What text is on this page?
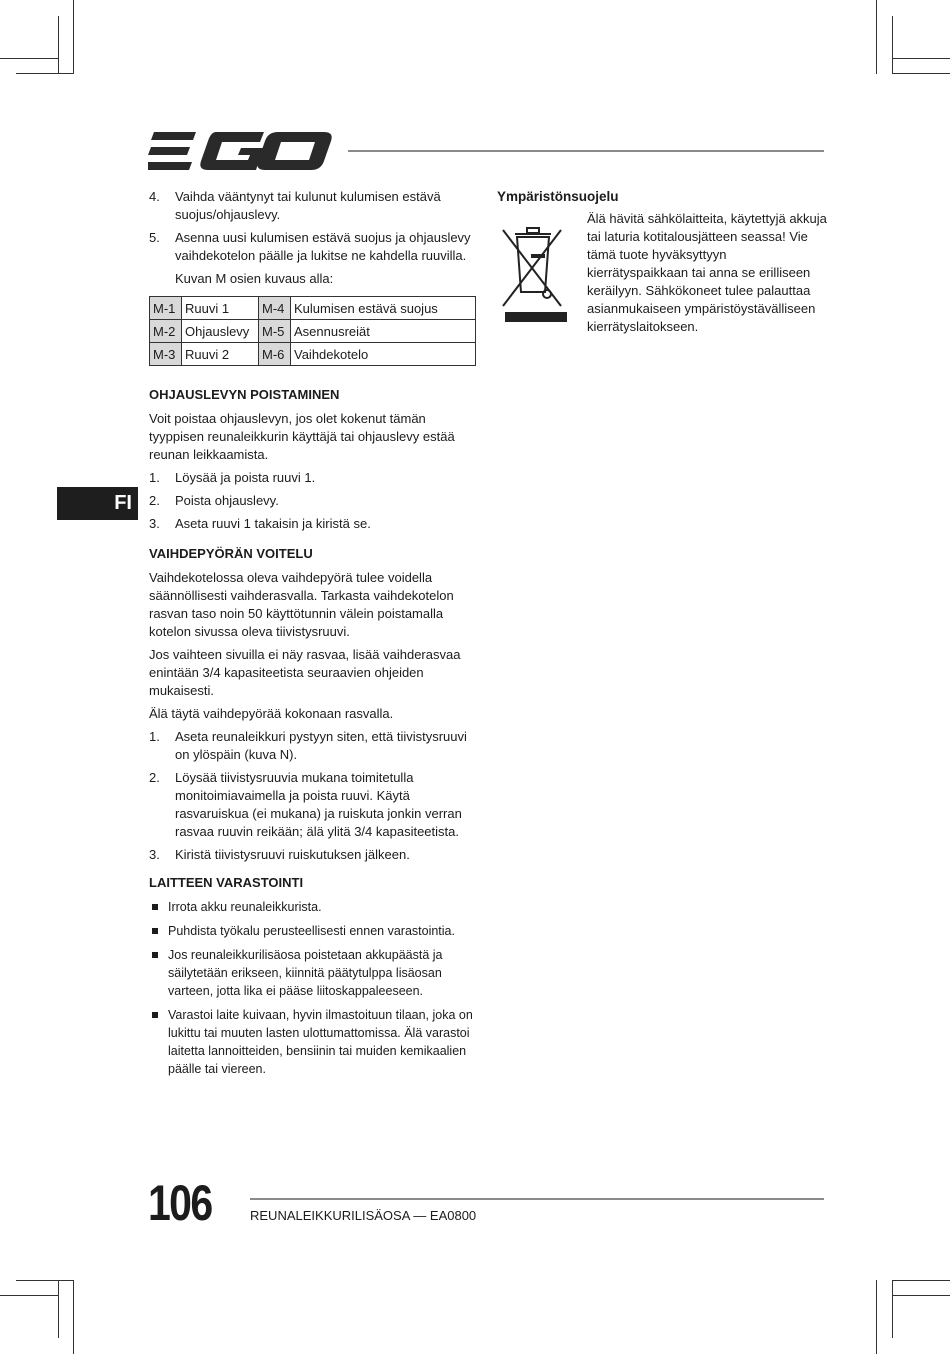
FI
4.	Vaihda vääntynyt tai kulunut kulumisen estävä suojus/ohjauslevy.
5.	Asenna uusi kulumisen estävä suojus ja ohjauslevy vaihdekotelon päälle ja lukitse ne kahdella ruuvilla.
Kuvan M osien kuvaus alla:
M-1	Ruuvi 1	M-4	Kulumisen estävä suojus
M-2	Ohjauslevy	M-5	Asennusreiät
M-3	Ruuvi 2	M-6	Vaihdekotelo
OHJAUSLEVYN POISTAMINEN
Voit poistaa ohjauslevyn, jos olet kokenut tämän tyyppisen reunaleikkurin käyttäjä tai ohjauslevy estää reunan leikkaamista.
1.	Löysää ja poista ruuvi 1.
2.	Poista ohjauslevy.
3.	Aseta ruuvi 1 takaisin ja kiristä se.
VAIHDEPYÖRÄN VOITELU
Vaihdekotelossa oleva vaihdepyörä tulee voidella säännöllisesti vaihderasvalla. Tarkasta vaihdekotelon rasvan taso noin 50 käyttötunnin välein poistamalla kotelon sivussa oleva tiivistysruuvi.
Jos vaihteen sivuilla ei näy rasvaa, lisää vaihderasvaa enintään 3/4 kapasiteetista seuraavien ohjeiden mukaisesti.
Älä täytä vaihdepyörää kokonaan rasvalla.
1.	Aseta reunaleikkuri pystyyn siten, että tiivistysruuvi on ylöspäin (kuva N).
2.	Löysää tiivistysruuvia mukana toimitetulla monitoimiavaimella ja poista ruuvi. Käytä rasvaruiskua (ei mukana) ja ruiskuta jonkin verran rasvaa ruuvin reikään; älä ylitä 3/4 kapasiteetista.
3.	Kiristä tiivistysruuvi ruiskutuksen jälkeen.
LAITTEEN VARASTOINTI
Irrota akku reunaleikkurista.
Puhdista työkalu perusteellisesti ennen varastointia.
Jos reunaleikkurilisäosa poistetaan akkupäästä ja säilytetään erikseen, kiinnitä päätytulppa lisäosan varteen, jotta lika ei pääse liitoskappaleeseen.
Varastoi laite kuivaan, hyvin ilmastoituun tilaan, joka on lukittu tai muuten lasten ulottumattomissa. Älä varastoi laitetta lannoitteiden, bensiinin tai muiden kemikaalien päälle tai viereen.
Ympäristönsuojelu
Älä hävitä sähkölaitteita, käytettyjä akkuja tai laturia kotitalousjätteen seassa! Vie tämä tuote hyväksyttyyn kierrätyspaikkaan tai anna se erilliseen keräilyyn. Sähkökoneet tulee palauttaa asianmukaiseen ympäristöystävälliseen kierrätyslaitokseen.
106	REUNALEIKKURILISÄOSA — EA0800
